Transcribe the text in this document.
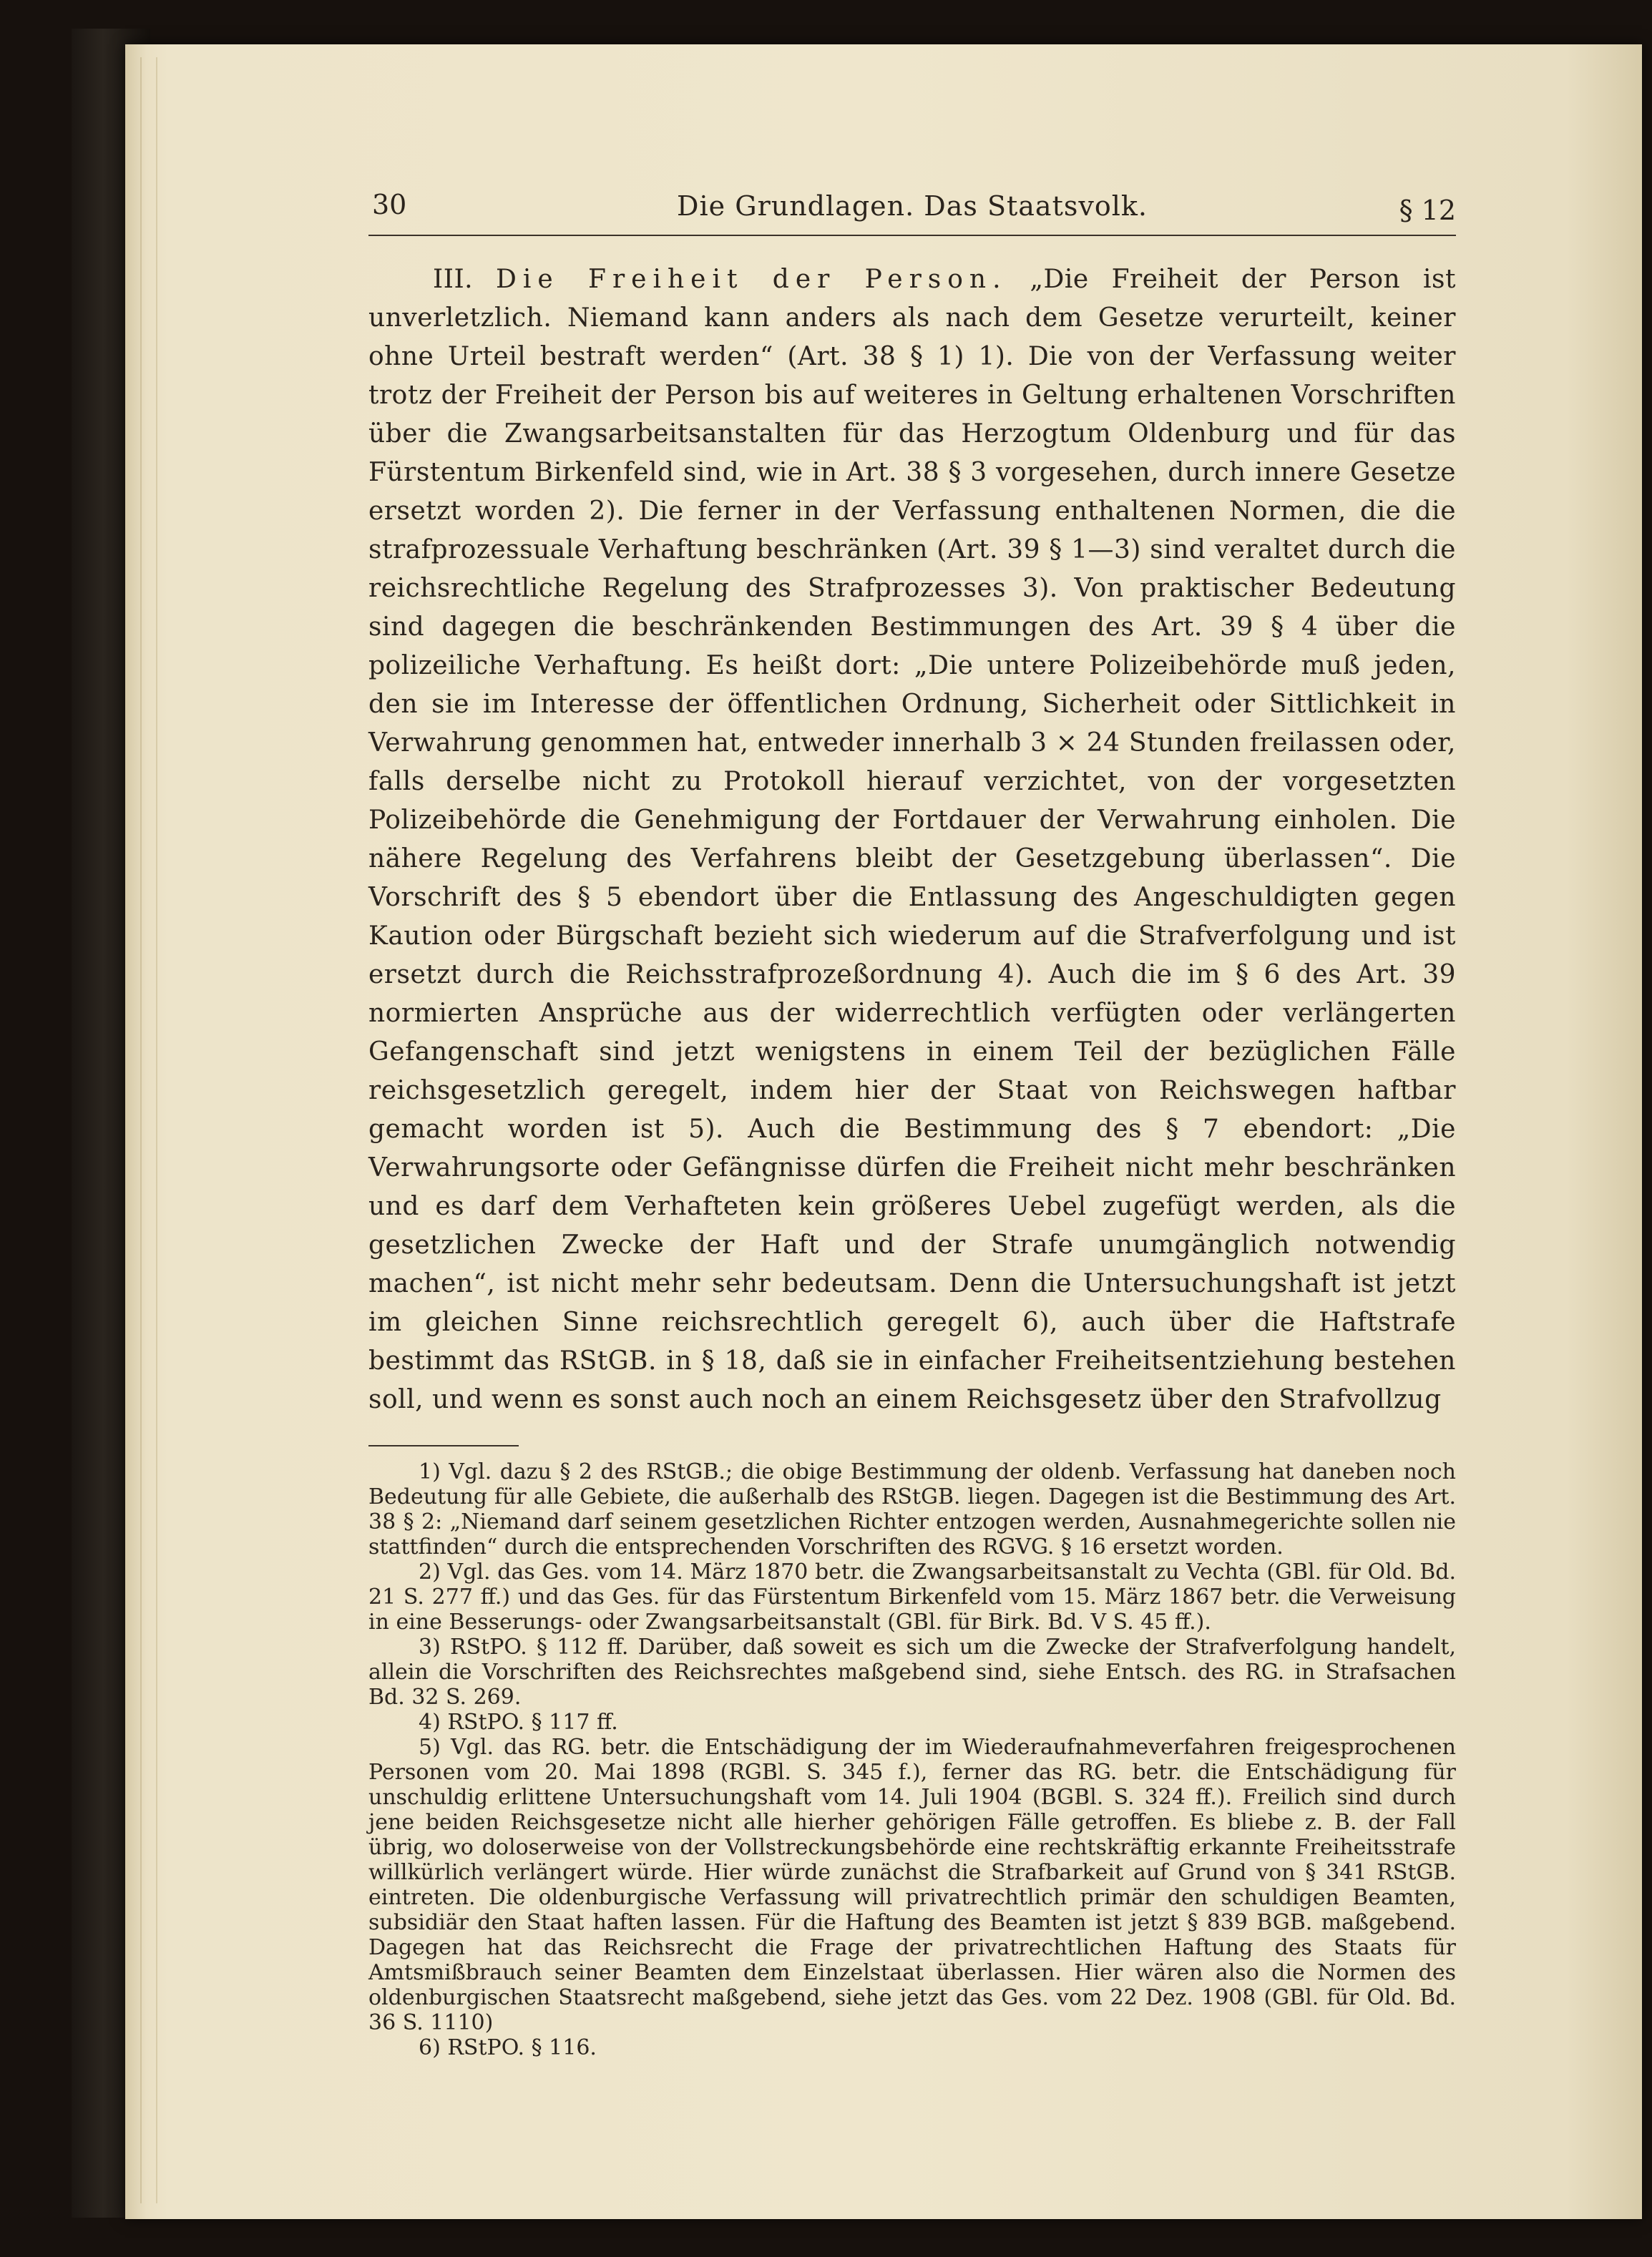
30	Die Grundlagen. Das Staatsvolk.	§ 12

III. Die Freiheit der Person. „Die Freiheit der Person ist unverletzlich. Niemand kann anders als nach dem Gesetze verurteilt, keiner ohne Urteil bestraft werden“ (Art. 38 § 1) 1). Die von der Verfassung weiter trotz der Freiheit der Person bis auf weiteres in Geltung erhaltenen Vorschriften über die Zwangsarbeitsanstalten für das Herzogtum Oldenburg und für das Fürstentum Birkenfeld sind, wie in Art. 38 § 3 vorgesehen, durch innere Gesetze ersetzt worden 2). Die ferner in der Verfassung enthaltenen Normen, die die strafprozessuale Verhaftung beschränken (Art. 39 § 1—3) sind veraltet durch die reichsrechtliche Regelung des Strafprozesses 3). Von praktischer Bedeutung sind dagegen die beschränkenden Bestimmungen des Art. 39 § 4 über die polizeiliche Verhaftung. Es heißt dort: „Die untere Polizeibehörde muß jeden, den sie im Interesse der öffentlichen Ordnung, Sicherheit oder Sittlichkeit in Verwahrung genommen hat, entweder innerhalb 3 × 24 Stunden freilassen oder, falls derselbe nicht zu Protokoll hierauf verzichtet, von der vorgesetzten Polizeibehörde die Genehmigung der Fortdauer der Verwahrung einholen. Die nähere Regelung des Verfahrens bleibt der Gesetzgebung überlassen“. Die Vorschrift des § 5 ebendort über die Entlassung des Angeschuldigten gegen Kaution oder Bürgschaft bezieht sich wiederum auf die Strafverfolgung und ist ersetzt durch die Reichsstrafprozeßordnung 4). Auch die im § 6 des Art. 39 normierten Ansprüche aus der widerrechtlich verfügten oder verlängerten Gefangenschaft sind jetzt wenigstens in einem Teil der bezüglichen Fälle reichsgesetzlich geregelt, indem hier der Staat von Reichswegen haftbar gemacht worden ist 5). Auch die Bestimmung des § 7 ebendort: „Die Verwahrungsorte oder Gefängnisse dürfen die Freiheit nicht mehr beschränken und es darf dem Verhafteten kein größeres Uebel zugefügt werden, als die gesetzlichen Zwecke der Haft und der Strafe unumgänglich notwendig machen“, ist nicht mehr sehr bedeutsam. Denn die Untersuchungshaft ist jetzt im gleichen Sinne reichsrechtlich geregelt 6), auch über die Haftstrafe bestimmt das RStGB. in § 18, daß sie in einfacher Freiheitsentziehung bestehen soll, und wenn es sonst auch noch an einem Reichsgesetz über den Strafvollzug

1) Vgl. dazu § 2 des RStGB.; die obige Bestimmung der oldenb. Verfassung hat daneben noch Bedeutung für alle Gebiete, die außerhalb des RStGB. liegen. Dagegen ist die Bestimmung des Art. 38 § 2: „Niemand darf seinem gesetzlichen Richter entzogen werden, Ausnahmegerichte sollen nie stattfinden“ durch die entsprechenden Vorschriften des RGVG. § 16 ersetzt worden.

2) Vgl. das Ges. vom 14. März 1870 betr. die Zwangsarbeitsanstalt zu Vechta (GBl. für Old. Bd. 21 S. 277 ff.) und das Ges. für das Fürstentum Birkenfeld vom 15. März 1867 betr. die Verweisung in eine Besserungs- oder Zwangsarbeitsanstalt (GBl. für Birk. Bd. V S. 45 ff.).

3) RStPO. § 112 ff. Darüber, daß soweit es sich um die Zwecke der Strafverfolgung handelt, allein die Vorschriften des Reichsrechtes maßgebend sind, siehe Entsch. des RG. in Strafsachen Bd. 32 S. 269.

4) RStPO. § 117 ff.

5) Vgl. das RG. betr. die Entschädigung der im Wiederaufnahmeverfahren freigesprochenen Personen vom 20. Mai 1898 (RGBl. S. 345 f.), ferner das RG. betr. die Entschädigung für unschuldig erlittene Untersuchungshaft vom 14. Juli 1904 (BGBl. S. 324 ff.). Freilich sind durch jene beiden Reichsgesetze nicht alle hierher gehörigen Fälle getroffen. Es bliebe z. B. der Fall übrig, wo doloserweise von der Vollstreckungsbehörde eine rechtskräftig erkannte Freiheitsstrafe willkürlich verlängert würde. Hier würde zunächst die Strafbarkeit auf Grund von § 341 RStGB. eintreten. Die oldenburgische Verfassung will privatrechtlich primär den schuldigen Beamten, subsidiär den Staat haften lassen. Für die Haftung des Beamten ist jetzt § 839 BGB. maßgebend. Dagegen hat das Reichsrecht die Frage der privatrechtlichen Haftung des Staats für Amtsmißbrauch seiner Beamten dem Einzelstaat überlassen. Hier wären also die Normen des oldenburgischen Staatsrecht maßgebend, siehe jetzt das Ges. vom 22 Dez. 1908 (GBl. für Old. Bd. 36 S. 1110)

6) RStPO. § 116.
